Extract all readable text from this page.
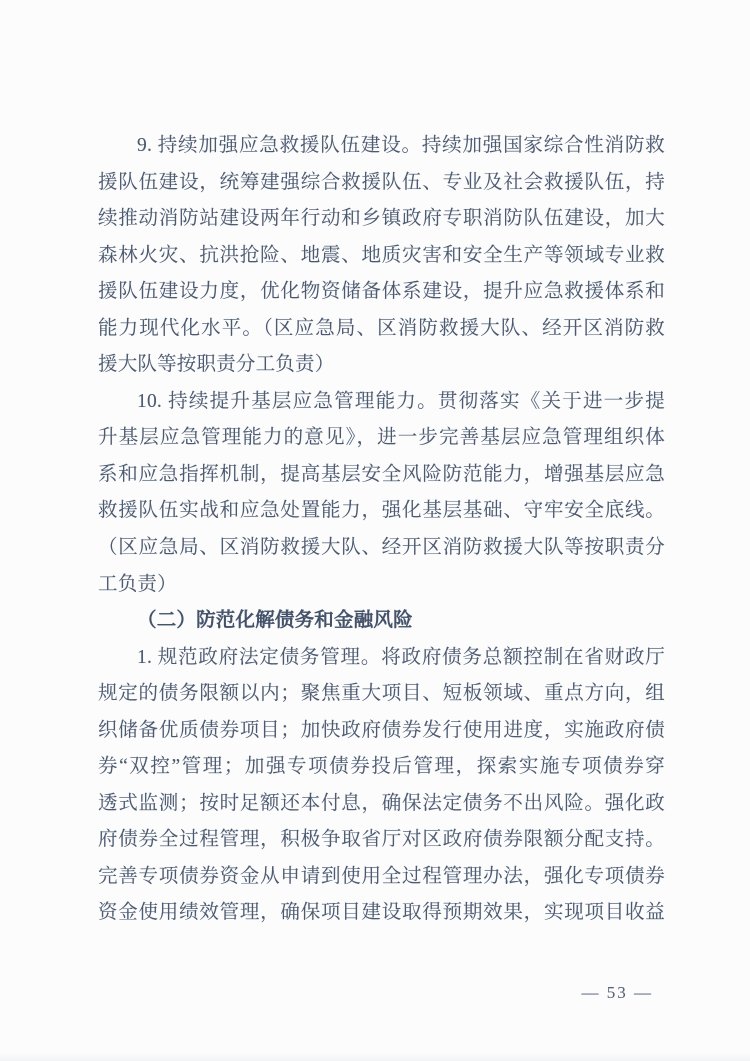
9. 持续加强应急救援队伍建设。持续加强国家综合性消防救
援队伍建设，统筹建强综合救援队伍、专业及社会救援队伍，持
续推动消防站建设两年行动和乡镇政府专职消防队伍建设，加大
森林火灾、抗洪抢险、地震、地质灾害和安全生产等领域专业救
援队伍建设力度，优化物资储备体系建设，提升应急救援体系和
能力现代化水平。（区应急局、区消防救援大队、经开区消防救
援大队等按职责分工负责）
10. 持续提升基层应急管理能力。贯彻落实《关于进一步提
升基层应急管理能力的意见》，进一步完善基层应急管理组织体
系和应急指挥机制，提高基层安全风险防范能力，增强基层应急
救援队伍实战和应急处置能力，强化基层基础、守牢安全底线。
（区应急局、区消防救援大队、经开区消防救援大队等按职责分
工负责）
（二）防范化解债务和金融风险
1. 规范政府法定债务管理。将政府债务总额控制在省财政厅
规定的债务限额以内；聚焦重大项目、短板领域、重点方向，组
织储备优质债券项目；加快政府债券发行使用进度，实施政府债
券“双控”管理；加强专项债券投后管理，探索实施专项债券穿
透式监测；按时足额还本付息，确保法定债务不出风险。强化政
府债券全过程管理，积极争取省厅对区政府债券限额分配支持。
完善专项债券资金从申请到使用全过程管理办法，强化专项债券
资金使用绩效管理，确保项目建设取得预期效果，实现项目收益
— 53 —
